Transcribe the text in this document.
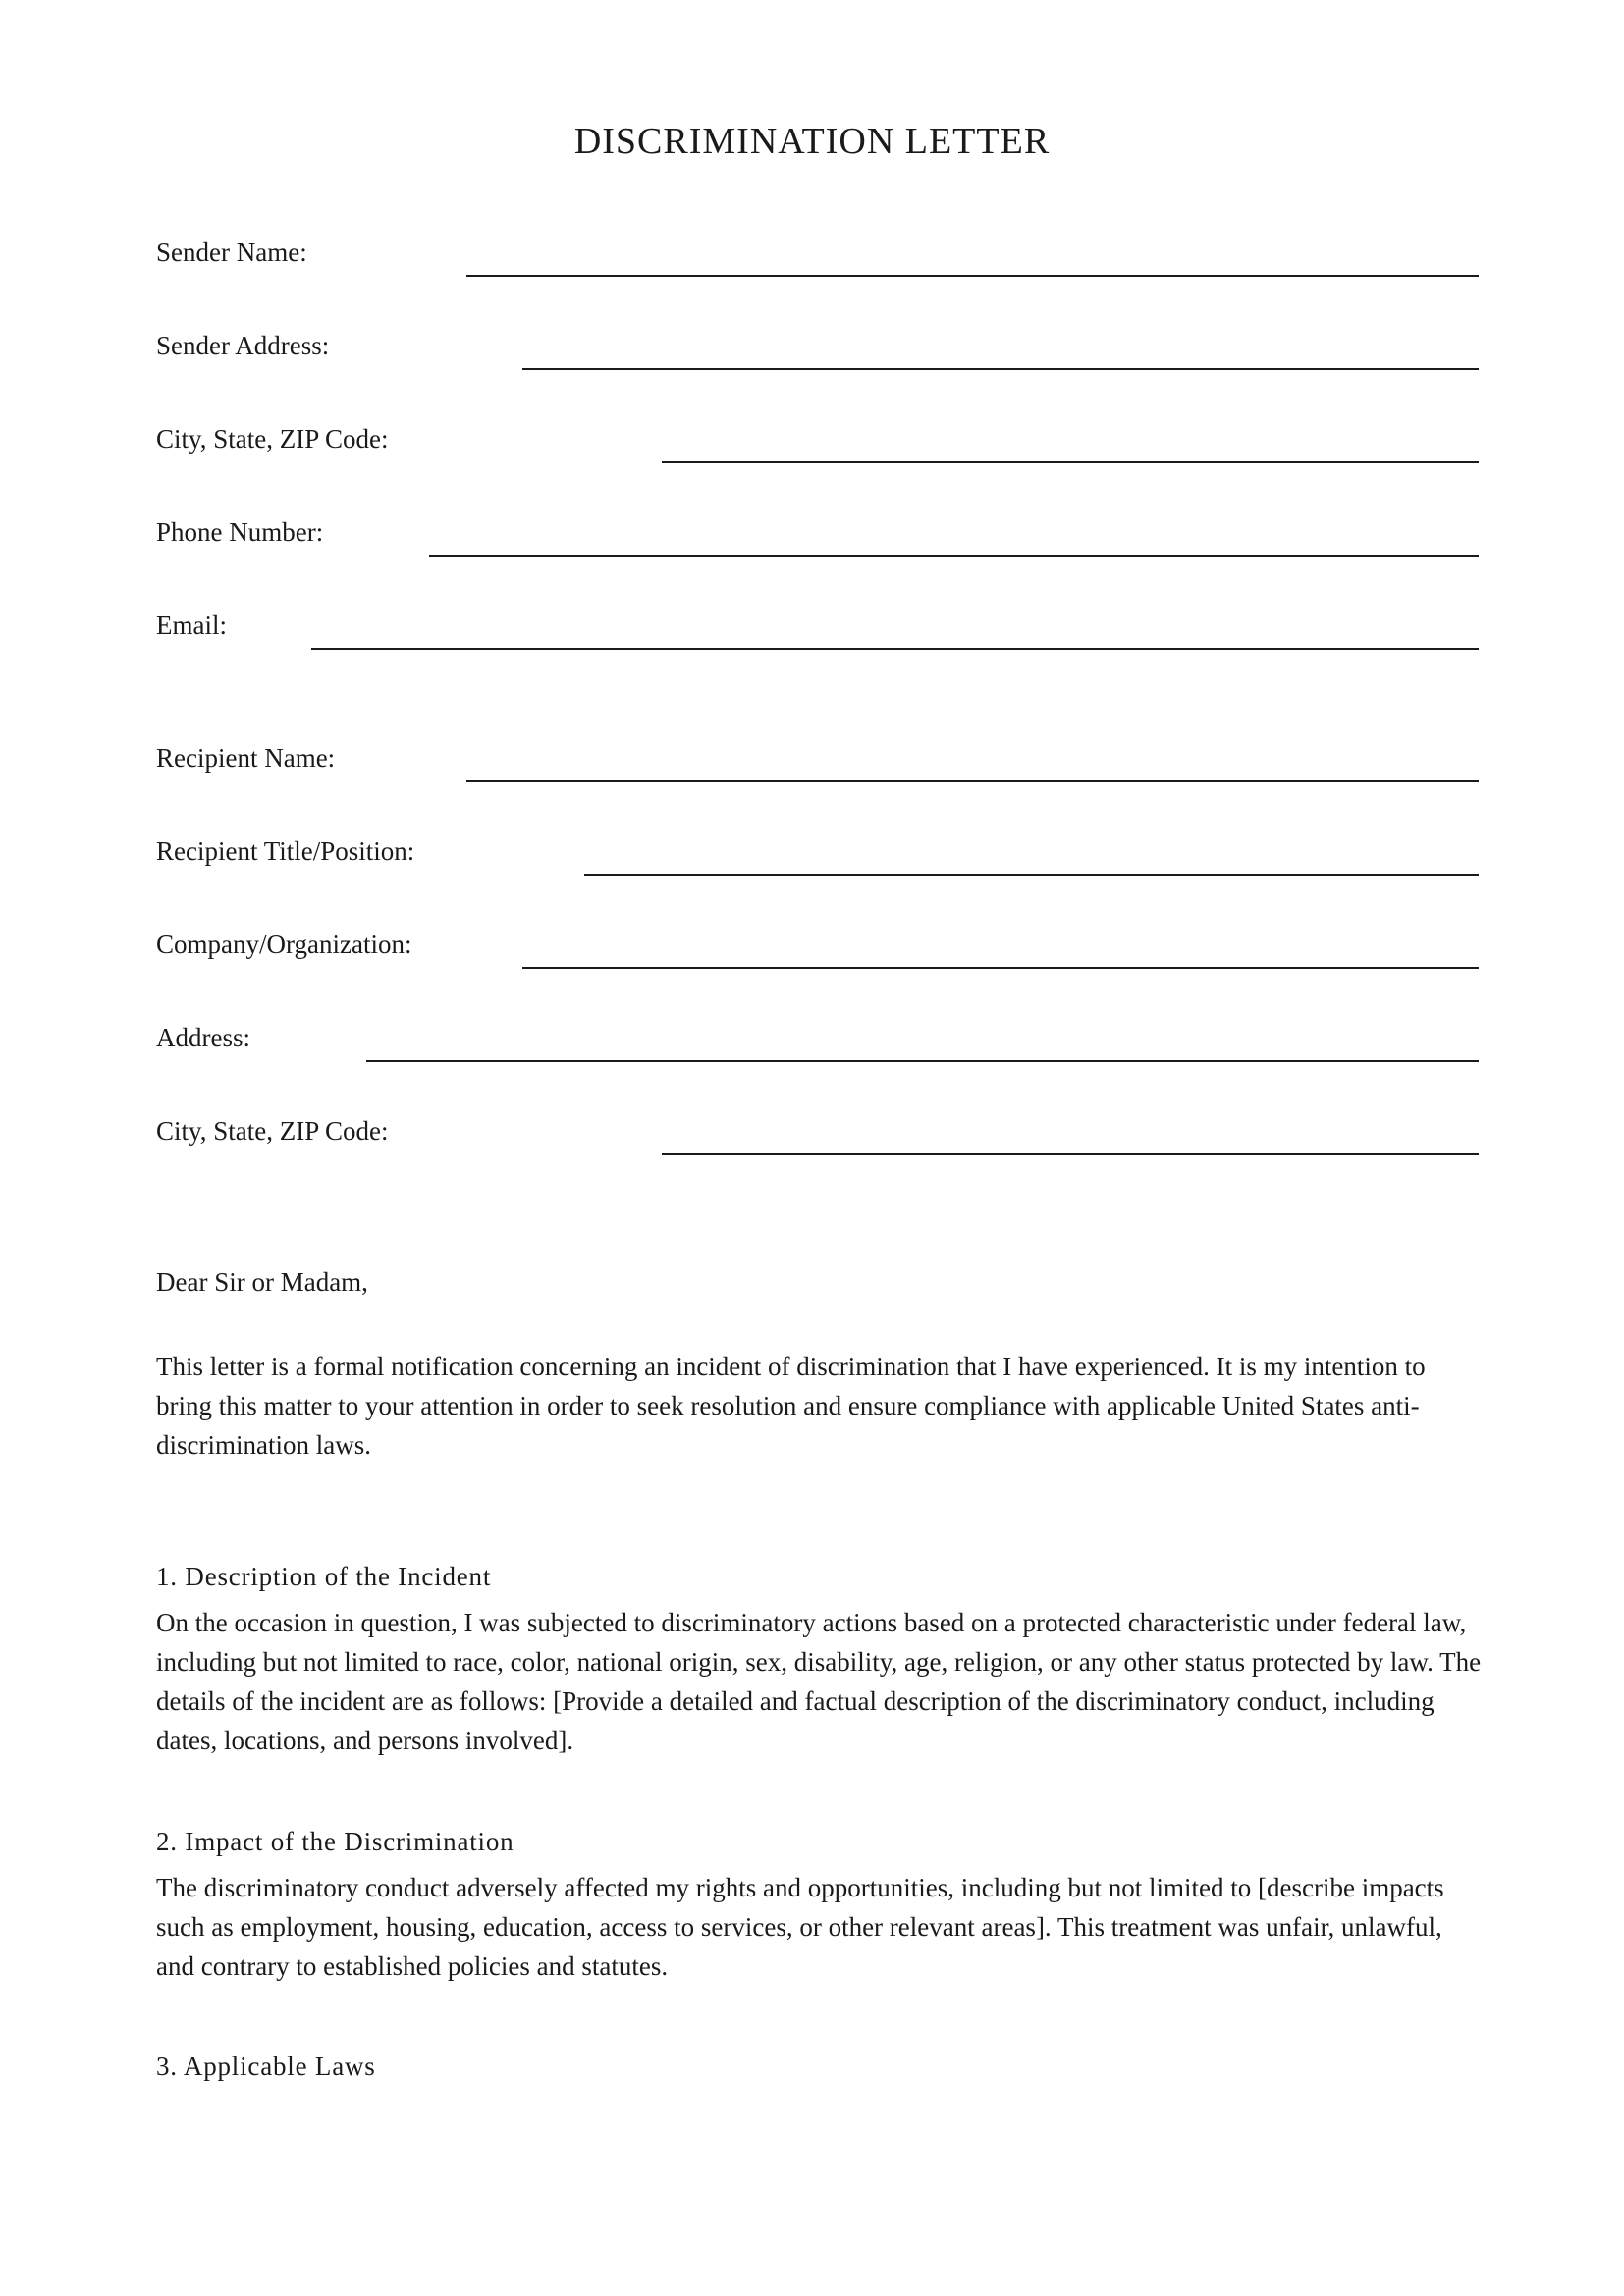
DISCRIMINATION LETTER
Sender Name:
Sender Address:
City, State, ZIP Code:
Phone Number:
Email:
Recipient Name:
Recipient Title/Position:
Company/Organization:
Address:
City, State, ZIP Code:
Dear Sir or Madam,
This letter is a formal notification concerning an incident of discrimination that I have experienced. It is my intention to bring this matter to your attention in order to seek resolution and ensure compliance with applicable United States anti-discrimination laws.
1. Description of the Incident
On the occasion in question, I was subjected to discriminatory actions based on a protected characteristic under federal law, including but not limited to race, color, national origin, sex, disability, age, religion, or any other status protected by law. The details of the incident are as follows: [Provide a detailed and factual description of the discriminatory conduct, including dates, locations, and persons involved].
2. Impact of the Discrimination
The discriminatory conduct adversely affected my rights and opportunities, including but not limited to [describe impacts such as employment, housing, education, access to services, or other relevant areas]. This treatment was unfair, unlawful, and contrary to established policies and statutes.
3. Applicable Laws
